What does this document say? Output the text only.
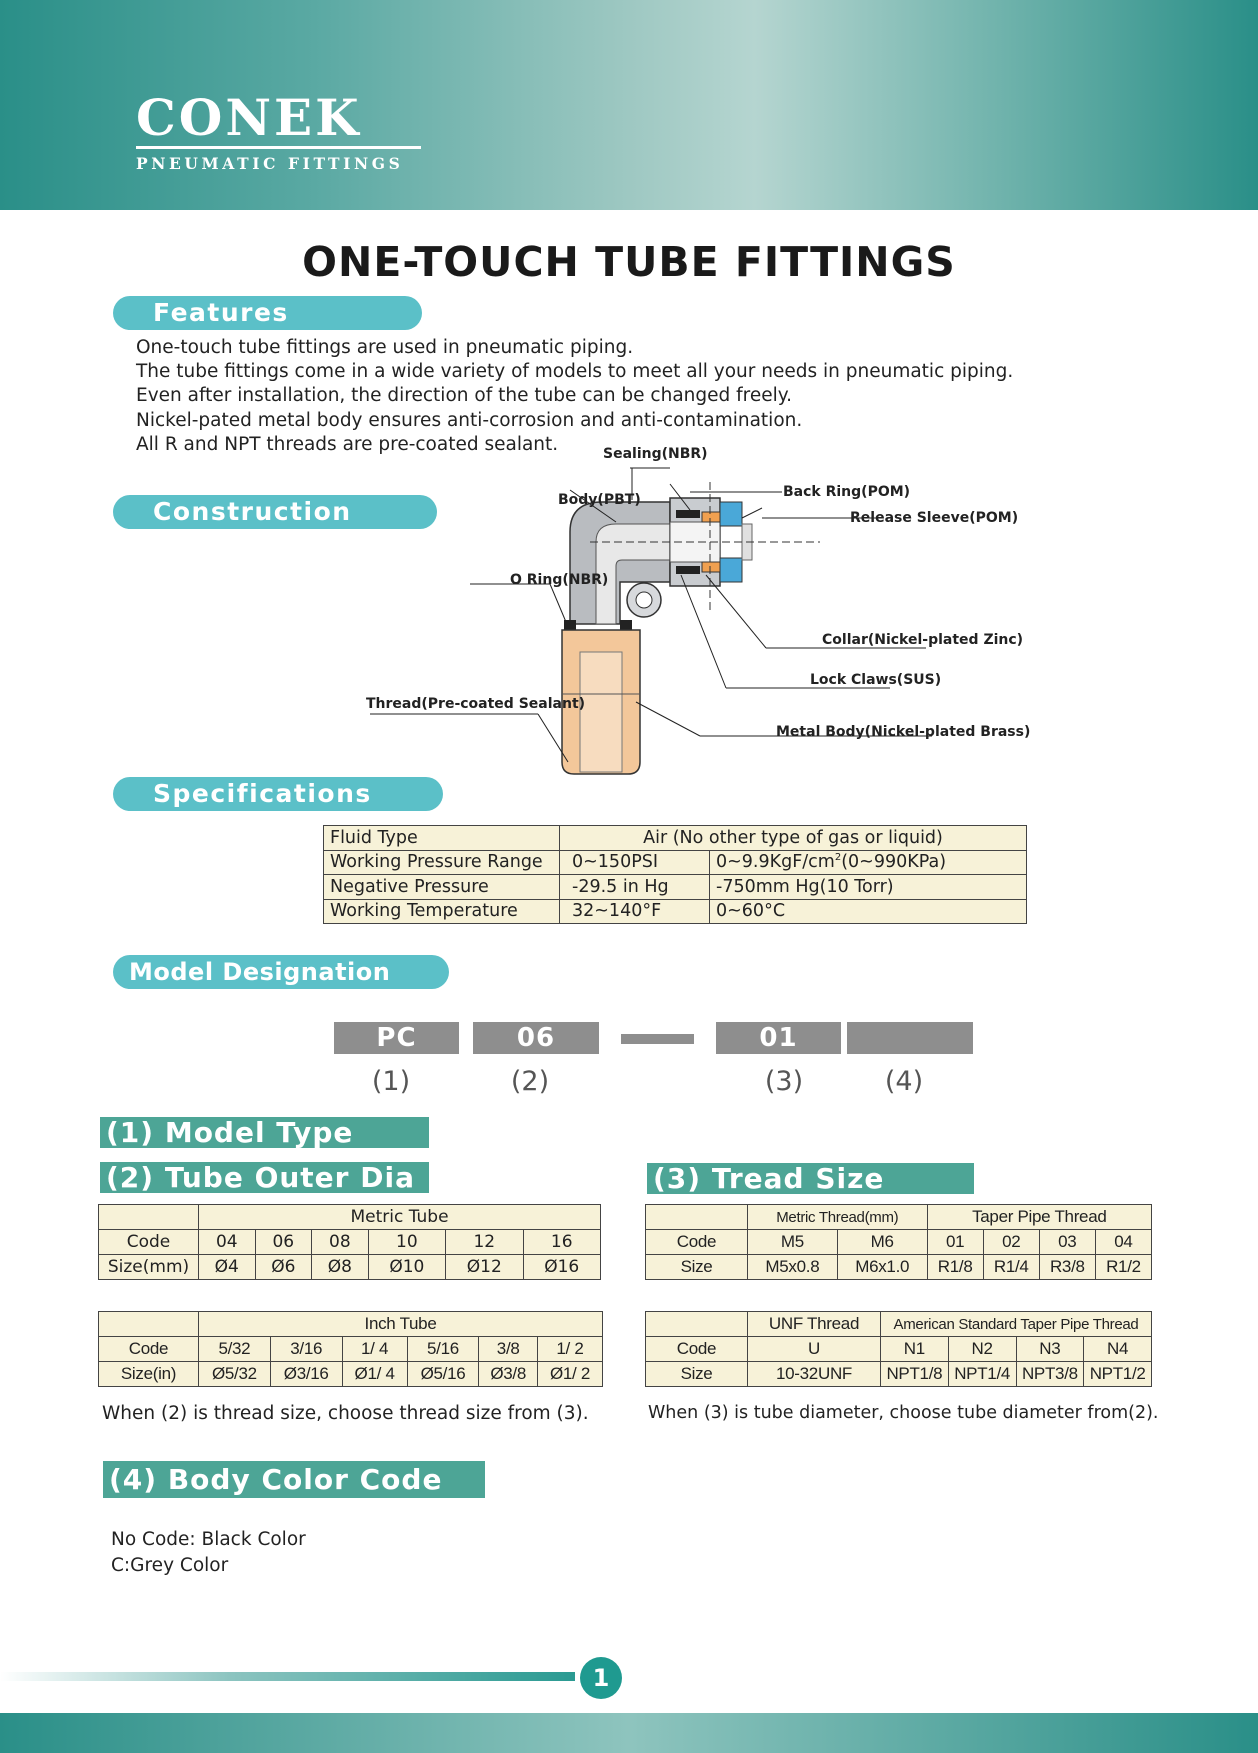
CONEK
PNEUMATIC FITTINGS
ONE-TOUCH TUBE FITTINGS
Features
One-touch tube fittings are used in pneumatic piping.
The tube fittings come in a wide variety of models to meet all your needs in pneumatic piping.
Even after installation, the direction of the tube can be changed freely.
Nickel-pated metal body ensures anti-corrosion and anti-contamination.
All R and NPT threads are pre-coated sealant.
Construction
Sealing(NBR)
Body(PBT)	Back Ring(POM)
Release Sleeve(POM)
O Ring(NBR)
Collar(Nickel-plated Zinc)
Lock Claws(SUS)
Thread(Pre-coated Sealant)
Metal Body(Nickel-plated Brass)
Specifications
Fluid Type	Air (No other type of gas or liquid)	
Working Pressure Range	0~150PSI	$0\sim 9.9KgF/cm^2(0\sim 990KPa)$
Negative Pressure	-29.5 in Hg	-750mm Hg(10 Torr)
Working Temperature	32~140°F	0~60°C
Model Designation
PC	06	01
(1)	(2)	(3)	(4)
(1) Model Type
(2) Tube Outer Dia	(3) Tread Size
	Metric Tube					
Code	04	06	08	10	12	16
Size(mm)	Ø4	Ø6	Ø8	Ø10	Ø12	Ø16
	Inch Tube					
Code	5/32	3/16	1/ 4	5/16	3/8	1/ 2
Size(in)	Ø5/32	Ø3/16	Ø1/ 4	Ø5/16	Ø3/8	Ø1/ 2
	Metric Thread(mm)		Taper Pipe Thread			
Code	M5	M6	01	02	03	04
Size	M5x0.8	M6x1.0	R1/8	R1/4	R3/8	R1/2
	UNF Thread	American Standard Taper Pipe Thread			
Code	U	N1	N2	N3	N4
Size	10-32UNF	NPT1/8	NPT1/4	NPT3/8	NPT1/2
When (2) is thread size, choose thread size from (3).	When (3) is tube diameter, choose tube diameter from(2).
(4) Body Color Code
No Code: Black Color
C:Grey Color
1
